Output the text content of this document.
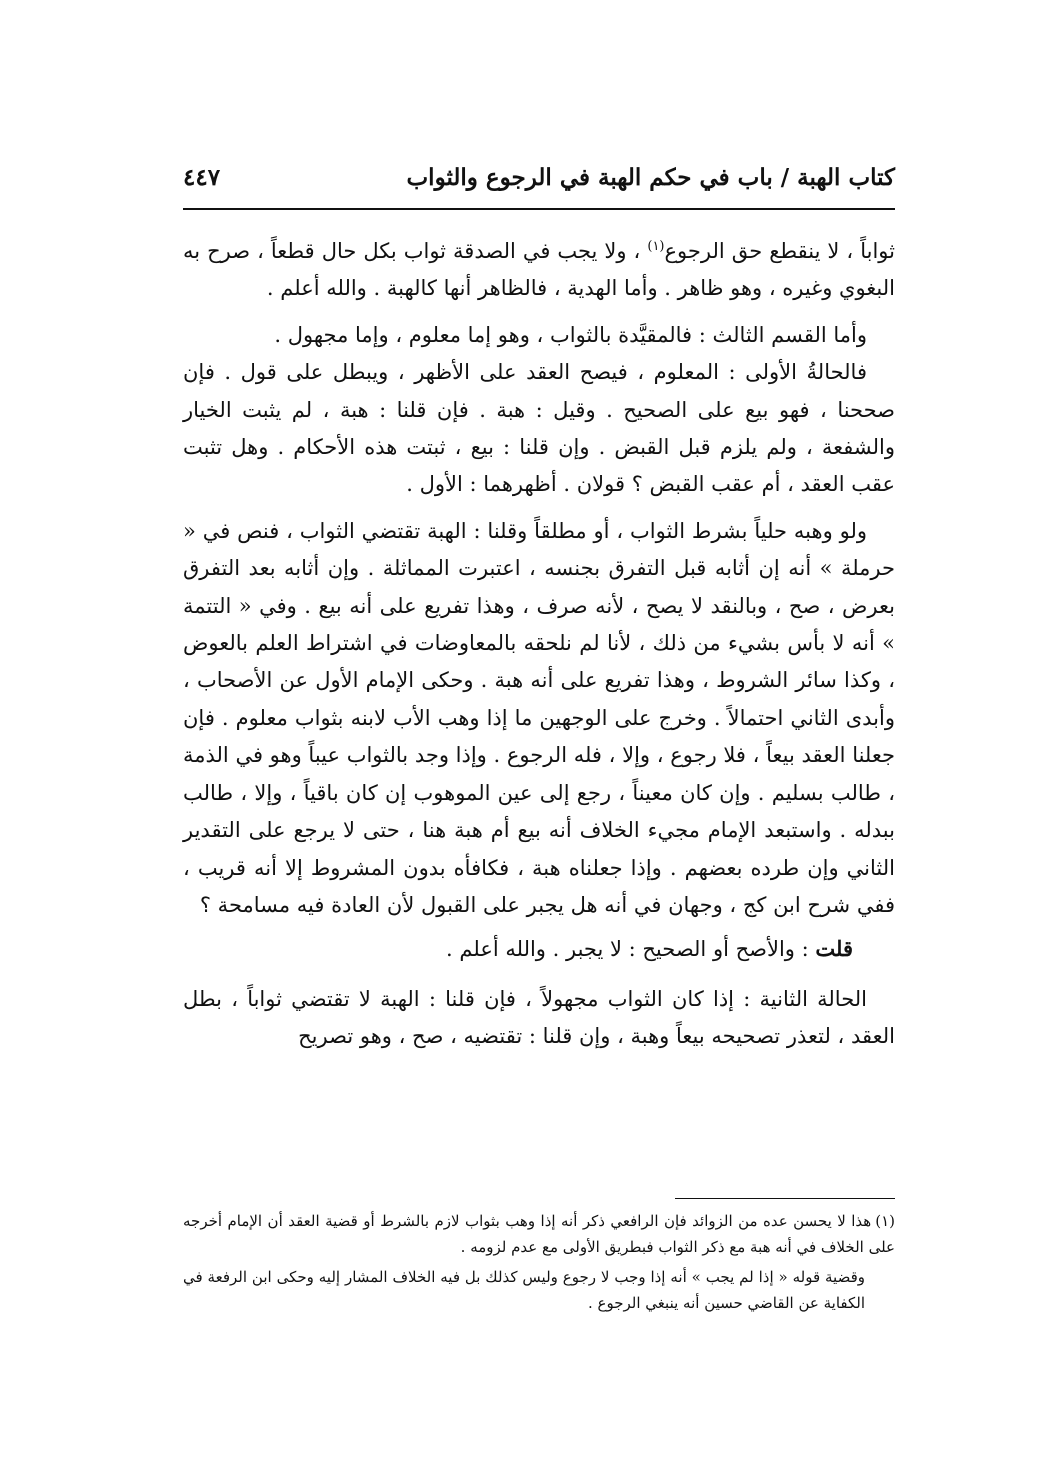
كتاب الهبة / باب في حكم الهبة في الرجوع والثواب
٤٤٧

ثواباً ، لا ينقطع حق الرجوع$^{(١)}$ ، ولا يجب في الصدقة ثواب بكل حال قطعاً ، صرح به البغوي وغيره ، وهو ظاهر . وأما الهدية ، فالظاهر أنها كالهبة . والله أعلم .

وأما القسم الثالث : فالمقيَّدة بالثواب ، وهو إما معلوم ، وإما مجهول .

فالحالةُ الأولى : المعلوم ، فيصح العقد على الأظهر ، ويبطل على قول . فإن صححنا ، فهو بيع على الصحيح . وقيل : هبة . فإن قلنا : هبة ، لم يثبت الخيار والشفعة ، ولم يلزم قبل القبض . وإن قلنا : بيع ، ثبتت هذه الأحكام . وهل تثبت عقب العقد ، أم عقب القبض ؟ قولان . أظهرهما : الأول .

ولو وهبه حلياً بشرط الثواب ، أو مطلقاً وقلنا : الهبة تقتضي الثواب ، فنص في « حرملة » أنه إن أثابه قبل التفرق بجنسه ، اعتبرت المماثلة . وإن أثابه بعد التفرق بعرض ، صح ، وبالنقد لا يصح ، لأنه صرف ، وهذا تفريع على أنه بيع . وفي « التتمة » أنه لا بأس بشيء من ذلك ، لأنا لم نلحقه بالمعاوضات في اشتراط العلم بالعوض ، وكذا سائر الشروط ، وهذا تفريع على أنه هبة . وحكى الإمام الأول عن الأصحاب ، وأبدى الثاني احتمالاً . وخرج على الوجهين ما إذا وهب الأب لابنه بثواب معلوم . فإن جعلنا العقد بيعاً ، فلا رجوع ، وإلا ، فله الرجوع . وإذا وجد بالثواب عيباً وهو في الذمة ، طالب بسليم . وإن كان معيناً ، رجع إلى عين الموهوب إن كان باقياً ، وإلا ، طالب ببدله . واستبعد الإمام مجيء الخلاف أنه بيع أم هبة هنا ، حتى لا يرجع على التقدير الثاني وإن طرده بعضهم . وإذا جعلناه هبة ، فكافأه بدون المشروط إلا أنه قريب ، ففي شرح ابن كج ، وجهان في أنه هل يجبر على القبول لأن العادة فيه مسامحة ؟

قلت : والأصح أو الصحيح : لا يجبر . والله أعلم .

الحالة الثانية : إذا كان الثواب مجهولاً ، فإن قلنا : الهبة لا تقتضي ثواباً ، بطل العقد ، لتعذر تصحيحه بيعاً وهبة ، وإن قلنا : تقتضيه ، صح ، وهو تصريح

(١)هذا لا يحسن عده من الزوائد فإن الرافعي ذكر أنه إذا وهب بثواب لازم بالشرط أو قضية العقد أن الإمام أخرجه على الخلاف في أنه هبة مع ذكر الثواب فبطريق الأولى مع عدم لزومه .

وقضية قوله « إذا لم يجب » أنه إذا وجب لا رجوع وليس كذلك بل فيه الخلاف المشار إليه وحكى ابن الرفعة في الكفاية عن القاضي حسين أنه ينبغي الرجوع .
